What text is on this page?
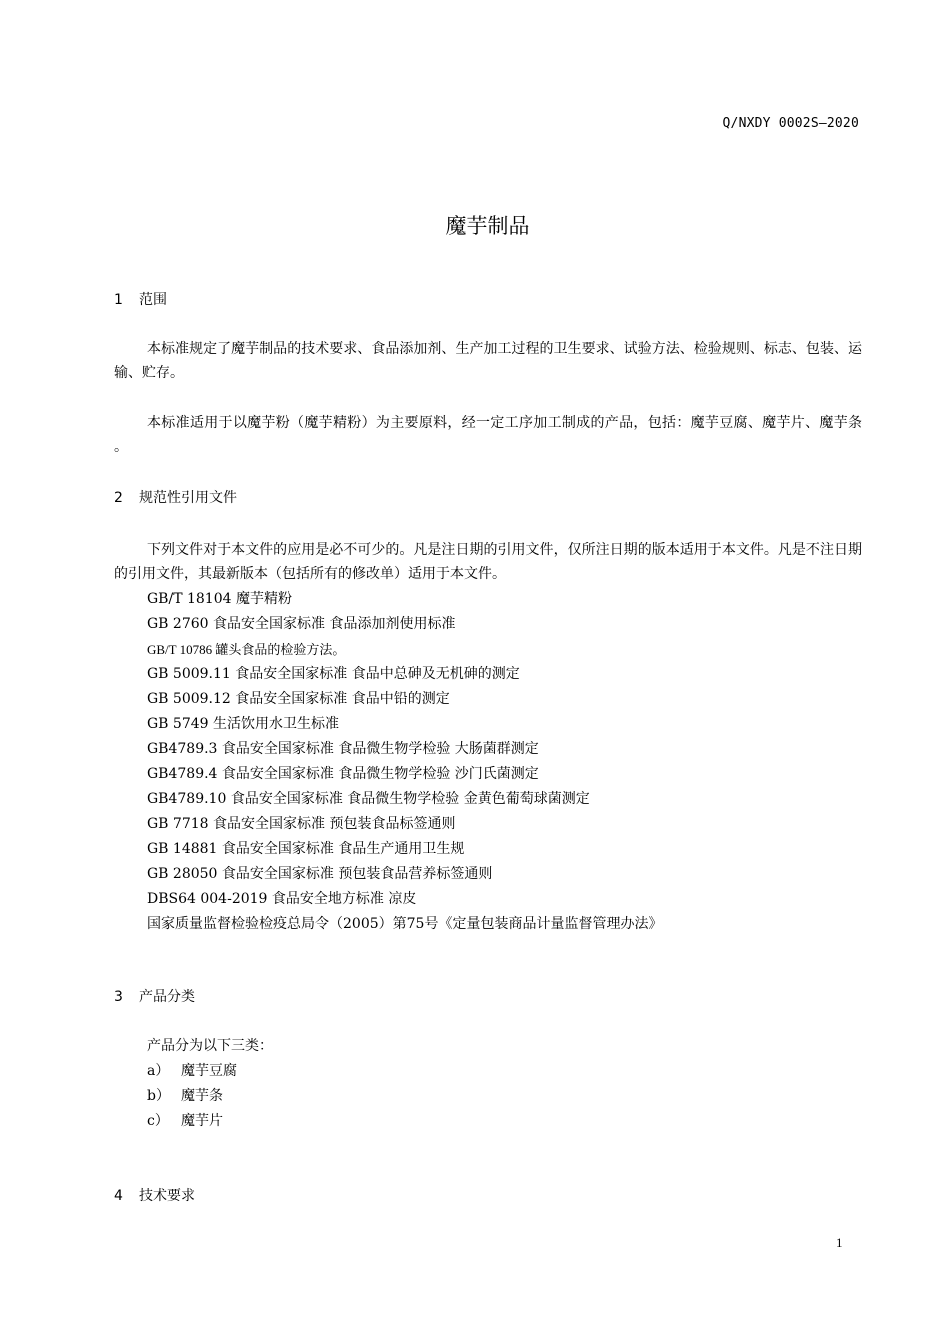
Q/NXDY 0002S—2020
魔芋制品
1 范围
本标准规定了魔芋制品的技术要求、食品添加剂、生产加工过程的卫生要求、试验方法、检验规则、标志、包装、运输、贮存。
本标准适用于以魔芋粉（魔芋精粉）为主要原料，经一定工序加工制成的产品，包括：魔芋豆腐、魔芋片、魔芋条 。
2 规范性引用文件
下列文件对于本文件的应用是必不可少的。凡是注日期的引用文件，仅所注日期的版本适用于本文件。凡是不注日期的引用文件，其最新版本（包括所有的修改单）适用于本文件。
GB/T 18104 魔芋精粉
GB 2760 食品安全国家标准 食品添加剂使用标准
GB/T 10786 罐头食品的检验方法。
GB 5009.11 食品安全国家标准 食品中总砷及无机砷的测定
GB 5009.12 食品安全国家标准 食品中铅的测定
GB 5749 生活饮用水卫生标准
GB4789.3 食品安全国家标准 食品微生物学检验 大肠菌群测定
GB4789.4 食品安全国家标准 食品微生物学检验 沙门氏菌测定
GB4789.10 食品安全国家标准 食品微生物学检验 金黄色葡萄球菌测定
GB 7718 食品安全国家标准 预包装食品标签通则
GB 14881 食品安全国家标准 食品生产通用卫生规
GB 28050 食品安全国家标准 预包装食品营养标签通则
DBS64 004-2019 食品安全地方标准 凉皮
国家质量监督检验检疫总局令（2005）第75号《定量包装商品计量监督管理办法》
3 产品分类
产品分为以下三类：
a） 魔芋豆腐
b） 魔芋条
c） 魔芋片
4 技术要求
1
